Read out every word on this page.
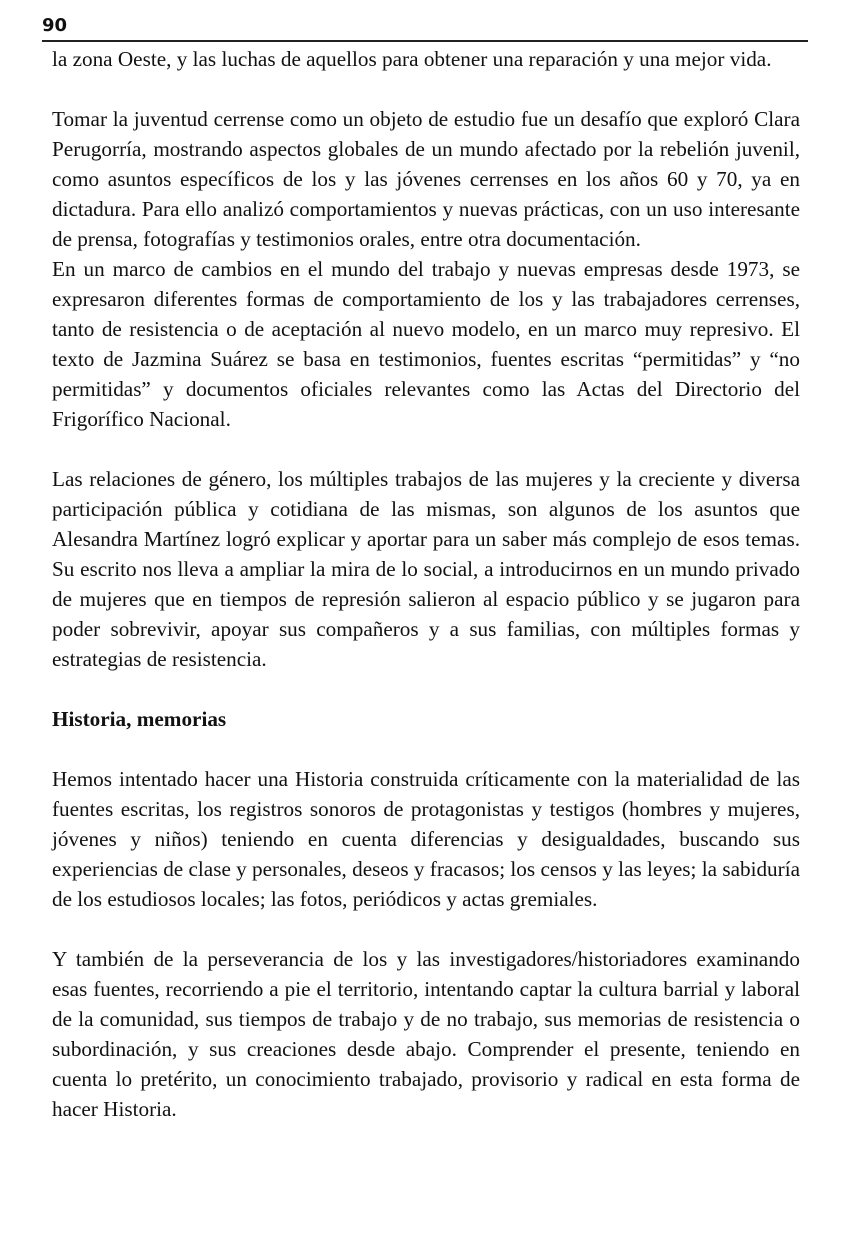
90

la zona Oeste, y las luchas de aquellos para obtener una reparación y una mejor vida.

Tomar la juventud cerrense como un objeto de estudio fue un desafío que exploró Clara Perugorría, mostrando aspectos globales de un mundo afectado por la rebelión juvenil, como asuntos específicos de los y las jóvenes cerrenses en los años 60 y 70, ya en dictadura. Para ello analizó comportamientos y nuevas prácticas, con un uso interesante de prensa, fotografías y testimonios orales, entre otra documentación.

En un marco de cambios en el mundo del trabajo y nuevas empresas desde 1973, se expresaron diferentes formas de comportamiento de los y las trabajadores cerrenses, tanto de resistencia o de aceptación al nuevo modelo, en un marco muy represivo. El texto de Jazmina Suárez se basa en testimonios, fuentes escritas “permitidas” y “no permitidas” y documentos oficiales relevantes como las Actas del Directorio del Frigorífico Nacional.

Las relaciones de género, los múltiples trabajos de las mujeres y la creciente y diversa participación pública y cotidiana de las mismas, son algunos de los asuntos que Alesandra Martínez logró explicar y aportar para un saber más complejo de esos temas. Su escrito nos lleva a ampliar la mira de lo social, a introducirnos en un mundo privado de mujeres que en tiempos de represión salieron al espacio público y se jugaron para poder sobrevivir, apoyar sus compañeros y a sus familias, con múltiples formas y estrategias de resistencia.

Historia, memorias

Hemos intentado hacer una Historia construida críticamente con la materialidad de las fuentes escritas, los registros sonoros de protagonistas y testigos (hombres y mujeres, jóvenes y niños) teniendo en cuenta diferencias y desigualdades, buscando sus experiencias de clase y personales, deseos y fracasos; los censos y las leyes; la sabiduría de los estudiosos locales; las fotos, periódicos y actas gremiales.

Y también de la perseverancia de los y las investigadores/historiadores examinando esas fuentes, recorriendo a pie el territorio, intentando captar la cultura barrial y laboral de la comunidad, sus tiempos de trabajo y de no trabajo, sus memorias de resistencia o subordinación, y sus creaciones desde abajo. Comprender el presente, teniendo en cuenta lo pretérito, un conocimiento trabajado, provisorio y radical en esta forma de hacer Historia.
